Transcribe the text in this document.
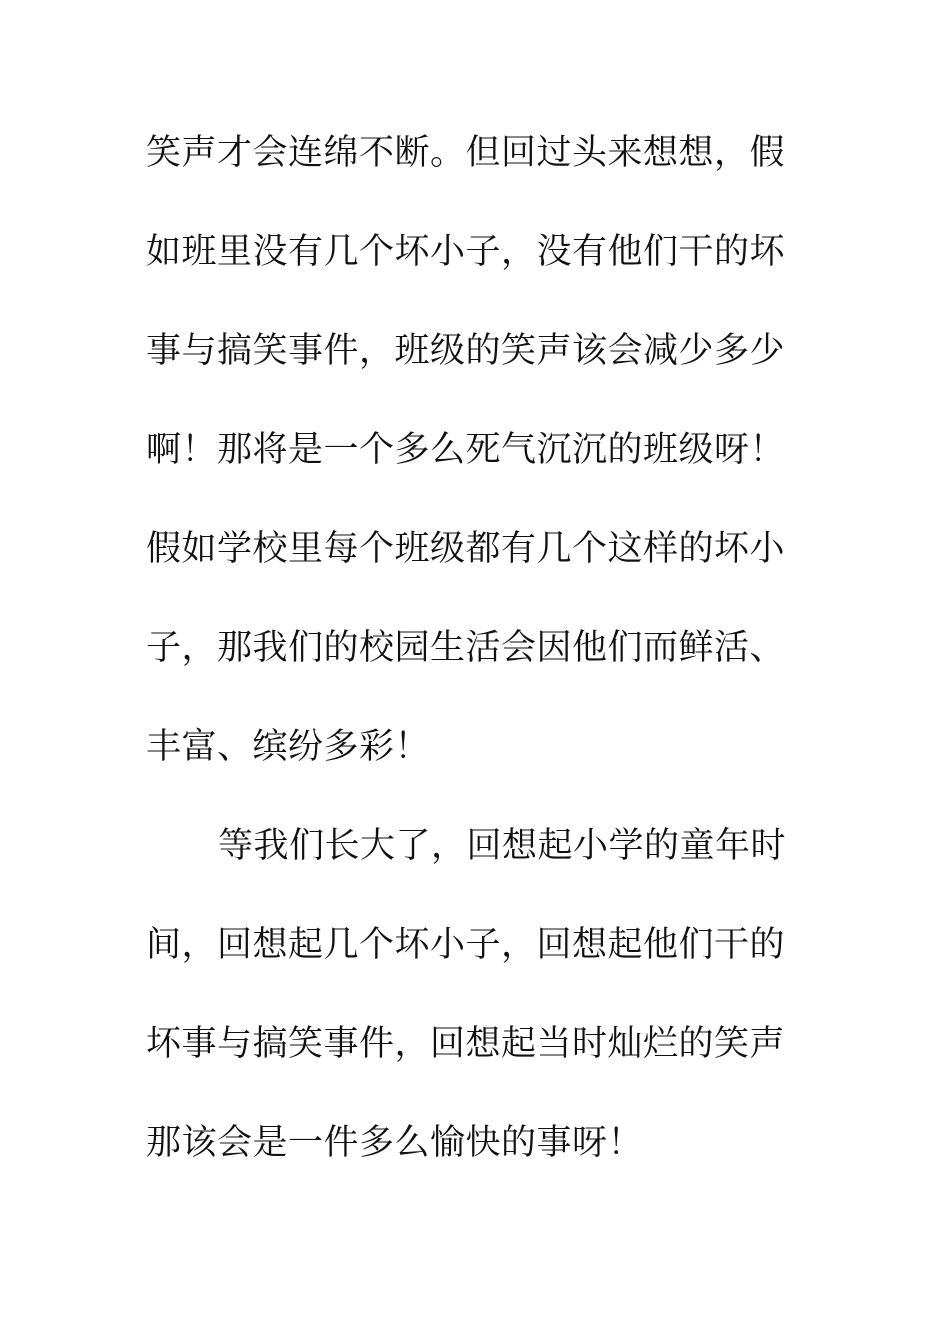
笑声才会连绵不断。但回过头来想想，假
如班里没有几个坏小子，没有他们干的坏
事与搞笑事件，班级的笑声该会减少多少
啊！那将是一个多么死气沉沉的班级呀！
假如学校里每个班级都有几个这样的坏小
子，那我们的校园生活会因他们而鲜活、
丰富、缤纷多彩！
等我们长大了，回想起小学的童年时
间，回想起几个坏小子，回想起他们干的
坏事与搞笑事件，回想起当时灿烂的笑声
那该会是一件多么愉快的事呀！
